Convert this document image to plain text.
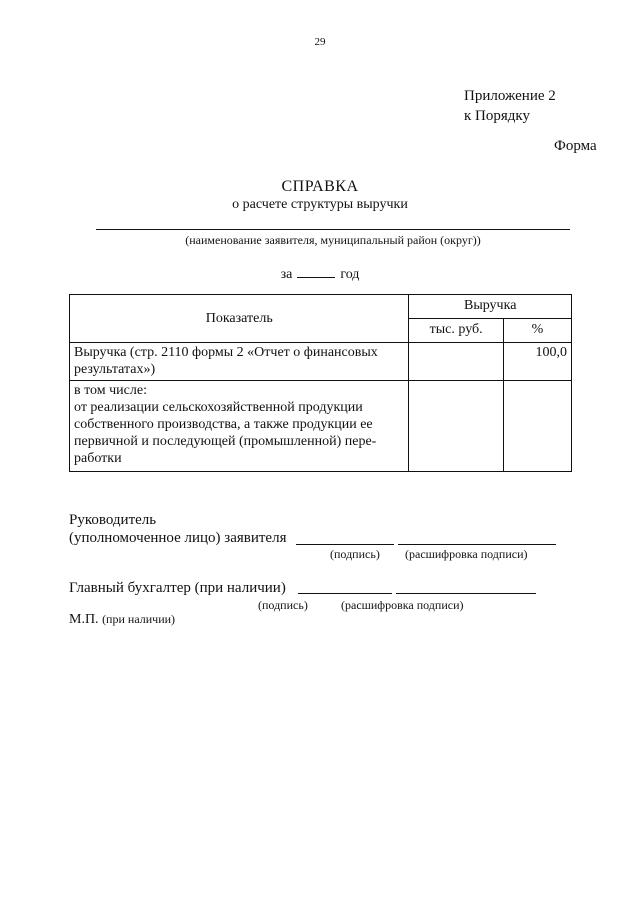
29
Приложение 2
к Порядку
Форма
СПРАВКА
о расчете структуры выручки
(наименование заявителя, муниципальный район (округ))
за	год
Показатель	Выручка	
	тыс. руб.	%
Выручка (стр. 2110 формы 2 «Отчет о финансовых результатах»)		100,0

в том числе:
от реализации сельскохозяйственной продукции собственного производства, а также продукции ее первичной и последующей (промышленной) пере-работки		

Руководитель
(уполномоченное лицо) заявителя
(подпись) (расшифровка подписи)
Главный бухгалтер (при наличии)
(подпись)	(расшифровка подписи)
М.П. (при наличии)
